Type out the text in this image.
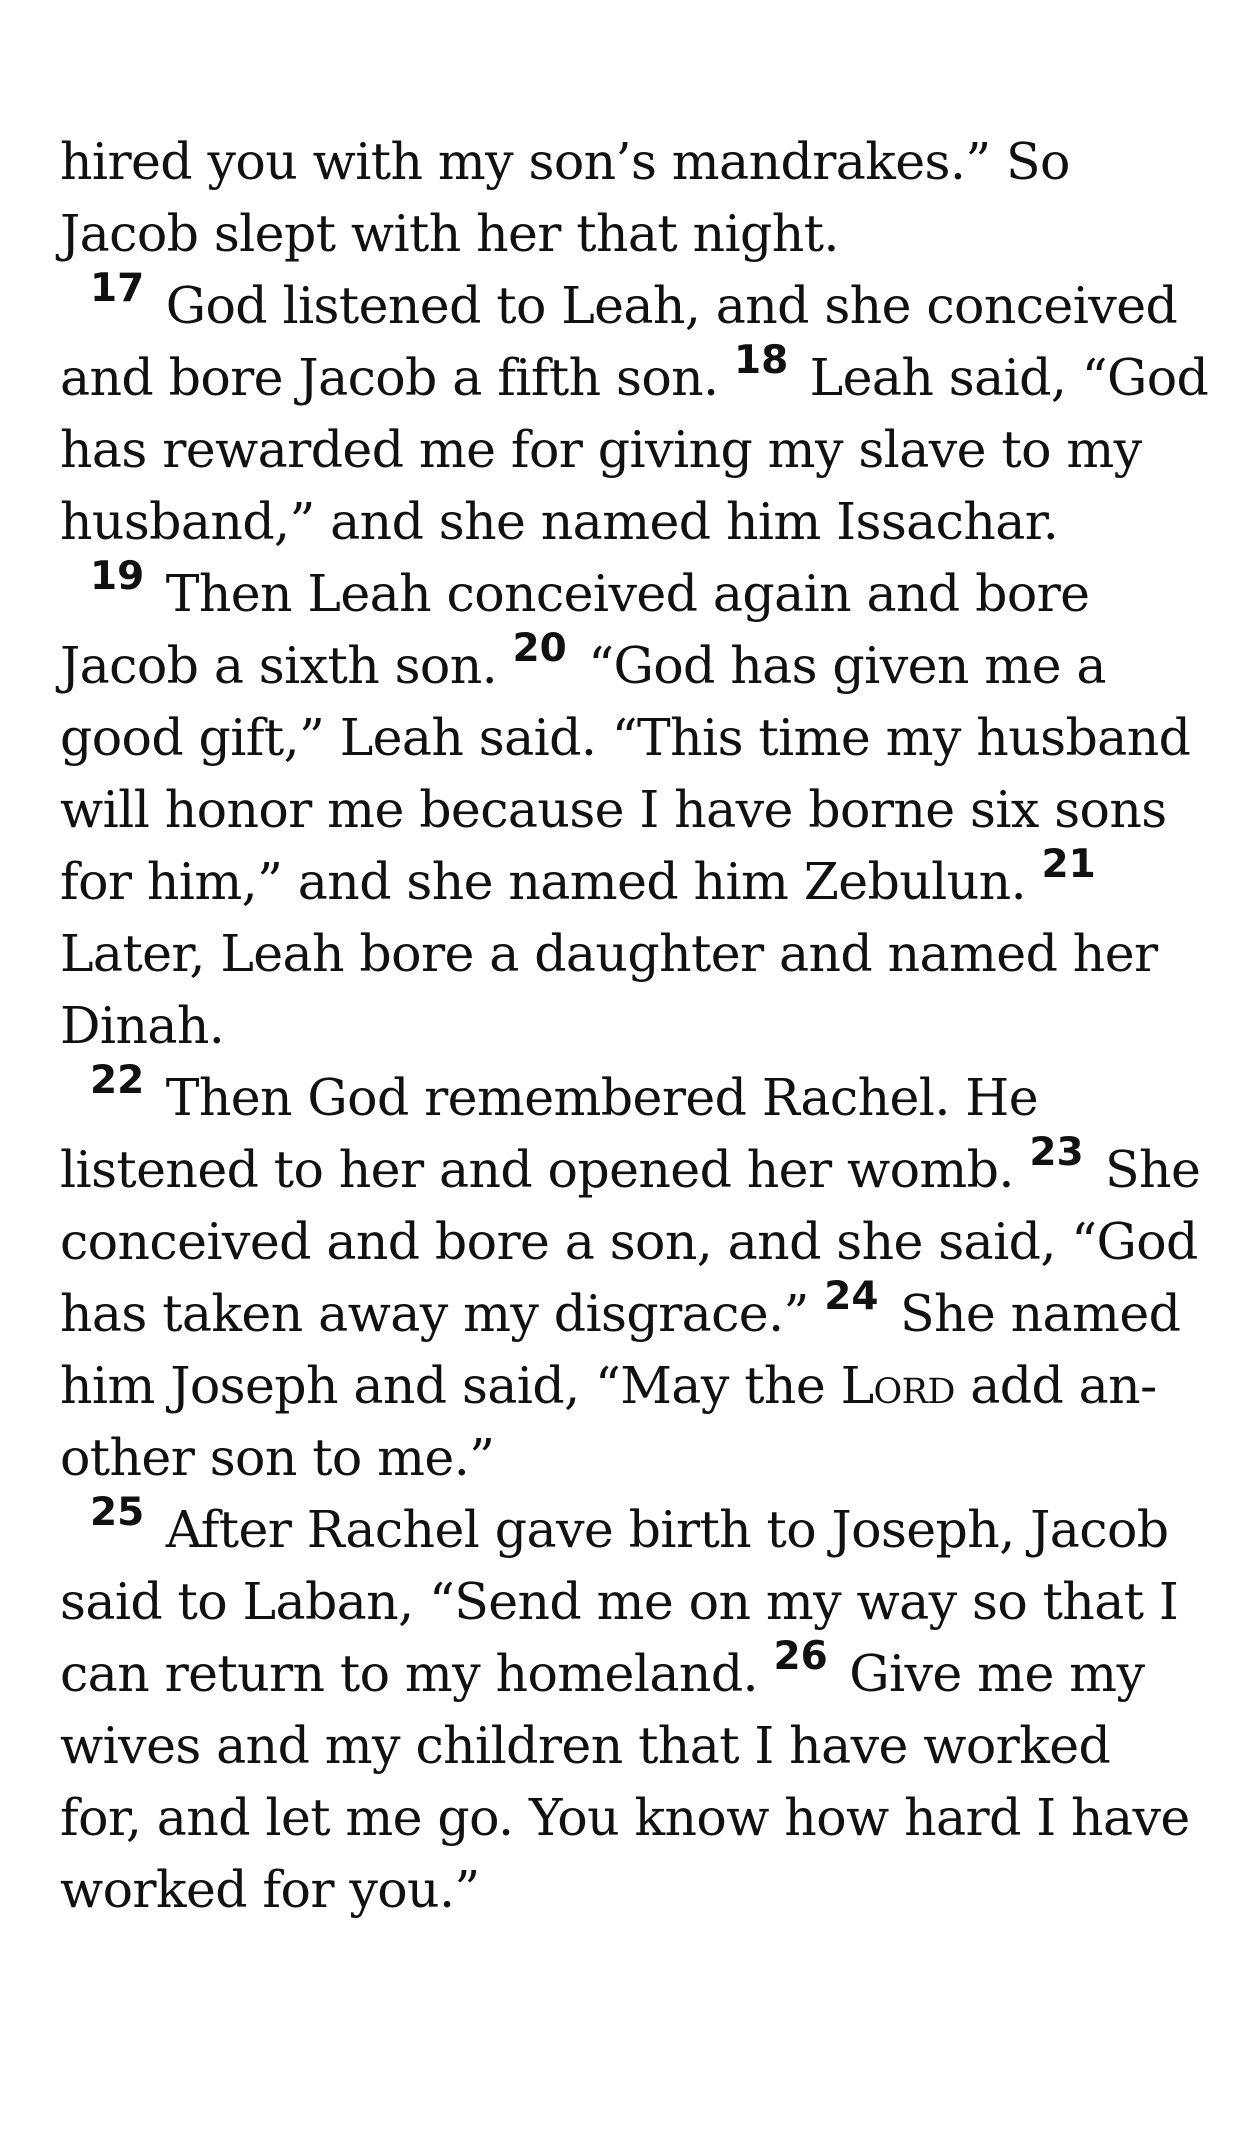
hired you with my son’s mandrakes.” So
Jacob slept with her that night.
$^{17}$ God listened to Leah, and she conceived
and bore Jacob a fifth son. $^{18}$ Leah said, “God
has rewarded me for giving my slave to my
husband,” and she named him Issachar.
$^{19}$ Then Leah conceived again and bore
Jacob a sixth son. $^{20}$ “God has given me a
good gift,” Leah said. “This time my husband
will honor me because I have borne six sons
for him,” and she named him Zebulun. $^{21}$
Later, Leah bore a daughter and named her
Dinah.
$^{22}$ Then God remembered Rachel. He
listened to her and opened her womb. $^{23}$ She
conceived and bore a son, and she said, “God
has taken away my disgrace.” $^{24}$ She named
him Joseph and said, “May the Lord add an-
other son to me.”
$^{25}$ After Rachel gave birth to Joseph, Jacob
said to Laban, “Send me on my way so that I
can return to my homeland. $^{26}$ Give me my
wives and my children that I have worked
for, and let me go. You know how hard I have
worked for you.”
